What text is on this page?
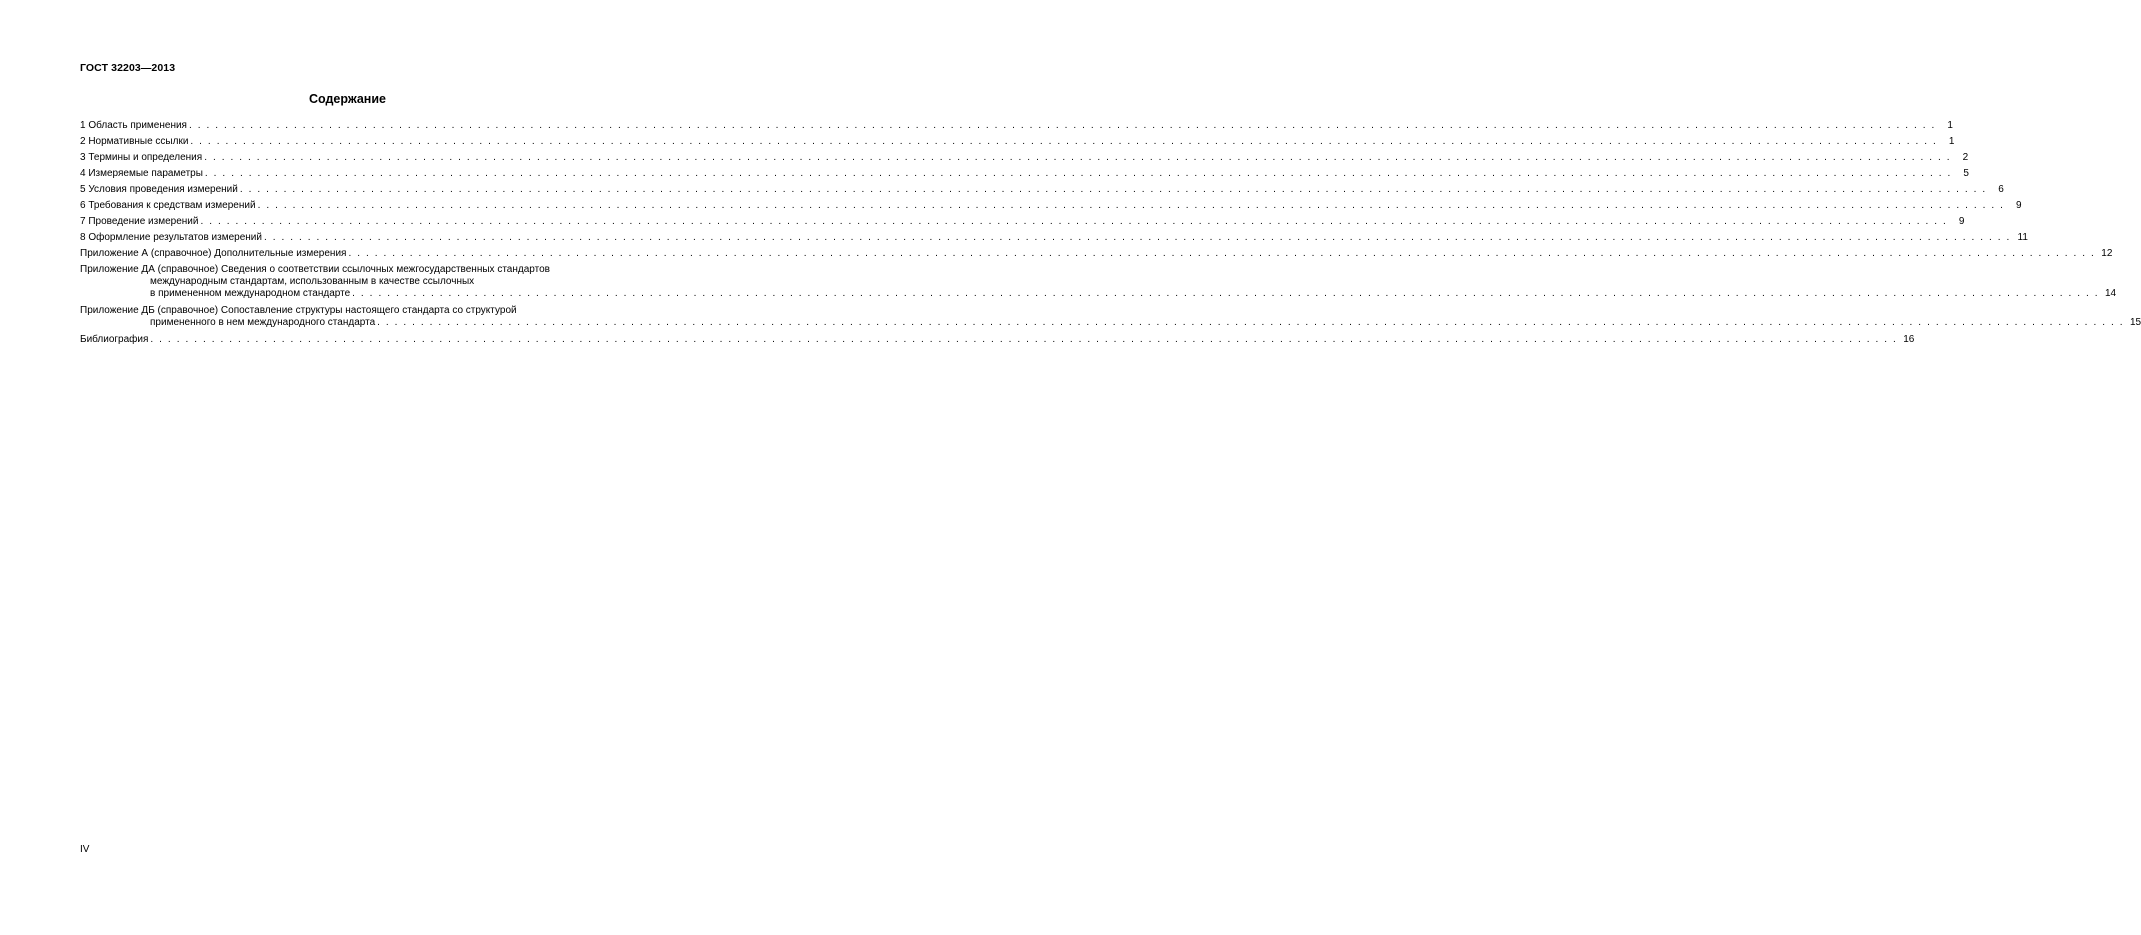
ГОСТ 32203—2013
Содержание
1 Область применения . . . . . . . . . . . . . . . . . . . . . . . . . . . . . . . . . . . . . . . . . . . . . . . . . . . . . . . . . . . . . . . . . . . . . . . . . . . . . . . . . . . . . . . . . . . . . . . . . . . . . . . . . . . . . . . . . . . . . . . . . . . . . . . . . . . . . . . . . . . . . . . . . . . . . . . . . . . . . . . . . . . . . . . . . . . . . . . . . . . . . . . . . . . . . . . . . . . . . . . .	1
2 Нормативные ссылки . . . . . . . . . . . . . . . . . . . . . . . . . . . . . . . . . . . . . . . . . . . . . . . . . . . . . . . . . . . . . . . . . . . . . . . . . . . . . . . . . . . . . . . . . . . . . . . . . . . . . . . . . . . . . . . . . . . . . . . . . . . . . . . . . . . . . . . . . . . . . . . . . . . . . . . . . . . . . . . . . . . . . . . . . . . . . . . . . . . . . . . . . . . . . . . . . . . . . . . .	1
3 Термины и определения . . . . . . . . . . . . . . . . . . . . . . . . . . . . . . . . . . . . . . . . . . . . . . . . . . . . . . . . . . . . . . . . . . . . . . . . . . . . . . . . . . . . . . . . . . . . . . . . . . . . . . . . . . . . . . . . . . . . . . . . . . . . . . . . . . . . . . . . . . . . . . . . . . . . . . . . . . . . . . . . . . . . . . . . . . . . . . . . . . . . . . . . . . . . . . . . . . . . . . . .	2
4 Измеряемые параметры . . . . . . . . . . . . . . . . . . . . . . . . . . . . . . . . . . . . . . . . . . . . . . . . . . . . . . . . . . . . . . . . . . . . . . . . . . . . . . . . . . . . . . . . . . . . . . . . . . . . . . . . . . . . . . . . . . . . . . . . . . . . . . . . . . . . . . . . . . . . . . . . . . . . . . . . . . . . . . . . . . . . . . . . . . . . . . . . . . . . . . . . . . . . . . . . . . . . . . . .	5
5 Условия проведения измерений . . . . . . . . . . . . . . . . . . . . . . . . . . . . . . . . . . . . . . . . . . . . . . . . . . . . . . . . . . . . . . . . . . . . . . . . . . . . . . . . . . . . . . . . . . . . . . . . . . . . . . . . . . . . . . . . . . . . . . . . . . . . . . . . . . . . . . . . . . . . . . . . . . . . . . . . . . . . . . . . . . . . . . . . . . . . . . . . . . . . . . . . . . . . . . . . . . . . . . . .	6
6 Требования к средствам измерений . . . . . . . . . . . . . . . . . . . . . . . . . . . . . . . . . . . . . . . . . . . . . . . . . . . . . . . . . . . . . . . . . . . . . . . . . . . . . . . . . . . . . . . . . . . . . . . . . . . . . . . . . . . . . . . . . . . . . . . . . . . . . . . . . . . . . . . . . . . . . . . . . . . . . . . . . . . . . . . . . . . . . . . . . . . . . . . . . . . . . . . . . . . . . . . . . . . . . . . .	9
7 Проведение измерений . . . . . . . . . . . . . . . . . . . . . . . . . . . . . . . . . . . . . . . . . . . . . . . . . . . . . . . . . . . . . . . . . . . . . . . . . . . . . . . . . . . . . . . . . . . . . . . . . . . . . . . . . . . . . . . . . . . . . . . . . . . . . . . . . . . . . . . . . . . . . . . . . . . . . . . . . . . . . . . . . . . . . . . . . . . . . . . . . . . . . . . . . . . . . . . . . . . . . . . .	9
8 Оформление результатов измерений . . . . . . . . . . . . . . . . . . . . . . . . . . . . . . . . . . . . . . . . . . . . . . . . . . . . . . . . . . . . . . . . . . . . . . . . . . . . . . . . . . . . . . . . . . . . . . . . . . . . . . . . . . . . . . . . . . . . . . . . . . . . . . . . . . . . . . . . . . . . . . . . . . . . . . . . . . . . . . . . . . . . . . . . . . . . . . . . . . . . . . . . . . . . . . . . . . . . . . . . 11
Приложение А (справочное) Дополнительные измерения . . . . . . . . . . . . . . . . . . . . . . . . . . . . . . . . . . . . . . . . . . . . . . . . . . . . . . . . . . . . . . . . . . . . . . . . . . . . . . . . . . . . . . . . . . . . . . . . . . . . . . . . . . . . . . . . . . . . . . . . . . . . . . . . . . . . . . . . . . . . . . . . . . . . . . . . . . . . . . . . . . . . . . . . . . . . . . . . . . . . . . . . . . . . . . . . . . . . . . . . 12
Приложение ДА (справочное) Сведения о соответствии ссылочных межгосударственных стандартов
международным стандартам, использованным в качестве ссылочных
в примененном международном стандарте . . . . . . . . . . . . . . . . . . . . . . . . . . . . . . . . . . . . . . . . . . . . . . . . . . . . . . . . . . . . . . . . . . . . . . . . . . . . . . . . . . . . . . . . . . . . . . . . . . . . . . . . . . . . . . . . . . . . . . . . . . . . . . . . . . . . . . . . . . . . . . . . . . . . . . . . . . . . . . . . . . . . . . . . . . . . . . . . . . . . . . . . . . . . . . . . . . . . . . . . 14
Приложение ДБ (справочное) Сопоставление структуры настоящего стандарта со структурой
примененного в нем международного стандарта . . . . . . . . . . . . . . . . . . . . . . . . . . . . . . . . . . . . . . . . . . . . . . . . . . . . . . . . . . . . . . . . . . . . . . . . . . . . . . . . . . . . . . . . . . . . . . . . . . . . . . . . . . . . . . . . . . . . . . . . . . . . . . . . . . . . . . . . . . . . . . . . . . . . . . . . . . . . . . . . . . . . . . . . . . . . . . . . . . . . . . . . . . . . . . . . . . . . . . . . 15
Библиография . . . . . . . . . . . . . . . . . . . . . . . . . . . . . . . . . . . . . . . . . . . . . . . . . . . . . . . . . . . . . . . . . . . . . . . . . . . . . . . . . . . . . . . . . . . . . . . . . . . . . . . . . . . . . . . . . . . . . . . . . . . . . . . . . . . . . . . . . . . . . . . . . . . . . . . . . . . . . . . . . . . . . . . . . . . . . . . . . . . . . . . . . . . . . . . . . . . . . . . . 16
IV
